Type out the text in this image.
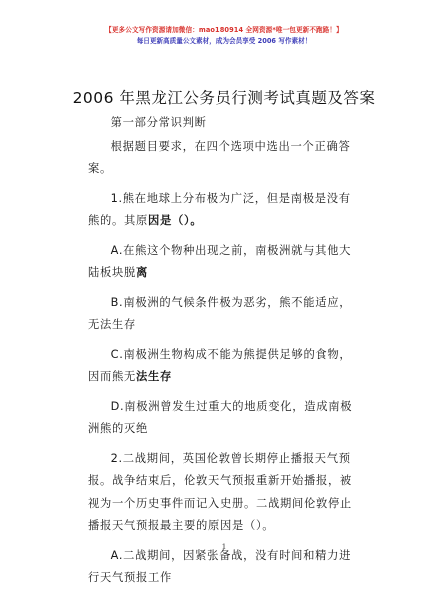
【更多公文写作资源请加微信：mao180914 全网资源*唯一包更新不跑路！】
每日更新高质量公文素材，成为会员享受 2006 写作素材！
2006 年黑龙江公务员行测考试真题及答案

第一部分常识判断

根据题目要求，在四个选项中选出一个正确答案。

1.熊在地球上分布极为广泛，但是南极是没有熊的。其原因是（）。

A.在熊这个物种出现之前，南极洲就与其他大陆板块脱离

B.南极洲的气候条件极为恶劣，熊不能适应，无法生存

C.南极洲生物构成不能为熊提供足够的食物，因而熊无法生存

D.南极洲曾发生过重大的地质变化，造成南极洲熊的灭绝

2.二战期间，英国伦敦曾长期停止播报天气预报。战争结束后，伦敦天气预报重新开始播报，被视为一个历史事件而记入史册。二战期间伦敦停止播报天气预报最主要的原因是（）。

A.二战期间，因紧张备战，没有时间和精力进行天气预报工作

1
